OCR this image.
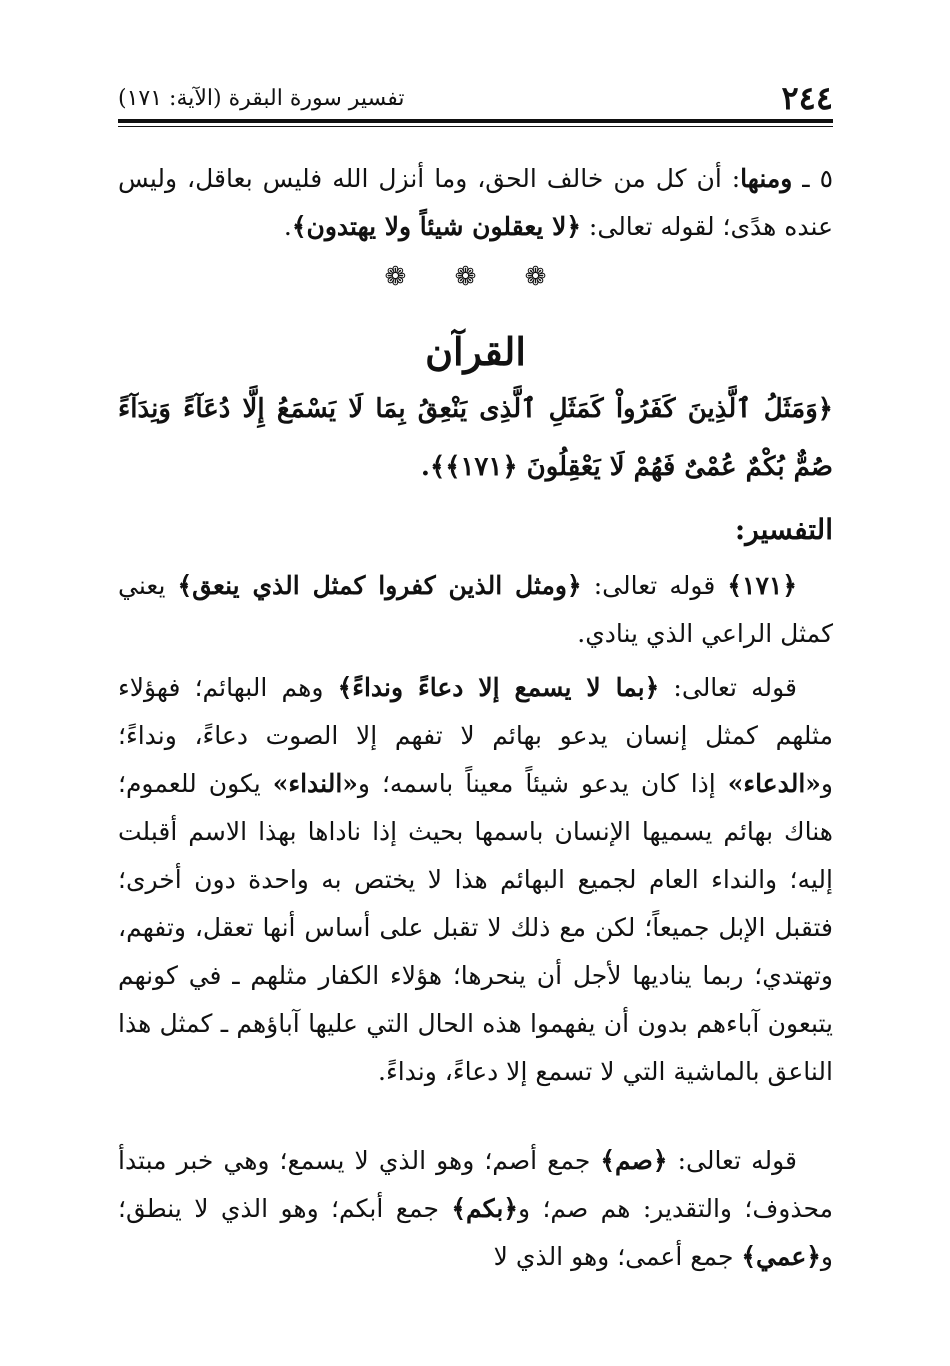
٢٤٤
تفسير سورة البقرة (الآية: ١٧١)
٥ ـ ومنها: أن كل من خالف الحق، وما أنزل الله فليس بعاقل، وليس عنده هدًى؛ لقوله تعالى: ﴿لا يعقلون شيئاً ولا يهتدون﴾.
❁ ❁ ❁
القرآن
﴿وَمَثَلُ ٱلَّذِينَ كَفَرُواْ كَمَثَلِ ٱلَّذِى يَنْعِقُ بِمَا لَا يَسْمَعُ إِلَّا دُعَآءً وَنِدَآءً صُمٌّ بُكْمٌ عُمْىٌ فَهُمْ لَا يَعْقِلُونَ ﴿١٧١﴾﴾.
التفسير:
﴿١٧١﴾ قوله تعالى: ﴿ومثل الذين كفروا كمثل الذي ينعق﴾ يعني كمثل الراعي الذي ينادي.
قوله تعالى: ﴿بما لا يسمع إلا دعاءً ونداءً﴾ وهم البهائم؛ فهؤلاء مثلهم كمثل إنسان يدعو بهائم لا تفهم إلا الصوت دعاءً، ونداءً؛ و«الدعاء» إذا كان يدعو شيئاً معيناً باسمه؛ و«النداء» يكون للعموم؛ هناك بهائم يسميها الإنسان باسمها بحيث إذا ناداها بهذا الاسم أقبلت إليه؛ والنداء العام لجميع البهائم هذا لا يختص به واحدة دون أخرى؛ فتقبل الإبل جميعاً؛ لكن مع ذلك لا تقبل على أساس أنها تعقل، وتفهم، وتهتدي؛ ربما يناديها لأجل أن ينحرها؛ هؤلاء الكفار مثلهم ـ في كونهم يتبعون آباءهم بدون أن يفهموا هذه الحال التي عليها آباؤهم ـ كمثل هذا الناعق بالماشية التي لا تسمع إلا دعاءً، ونداءً.
قوله تعالى: ﴿صم﴾ جمع أصم؛ وهو الذي لا يسمع؛ وهي خبر مبتدأ محذوف؛ والتقدير: هم صم؛ و﴿بكم﴾ جمع أبكم؛ وهو الذي لا ينطق؛ و﴿عمي﴾ جمع أعمى؛ وهو الذي لا
